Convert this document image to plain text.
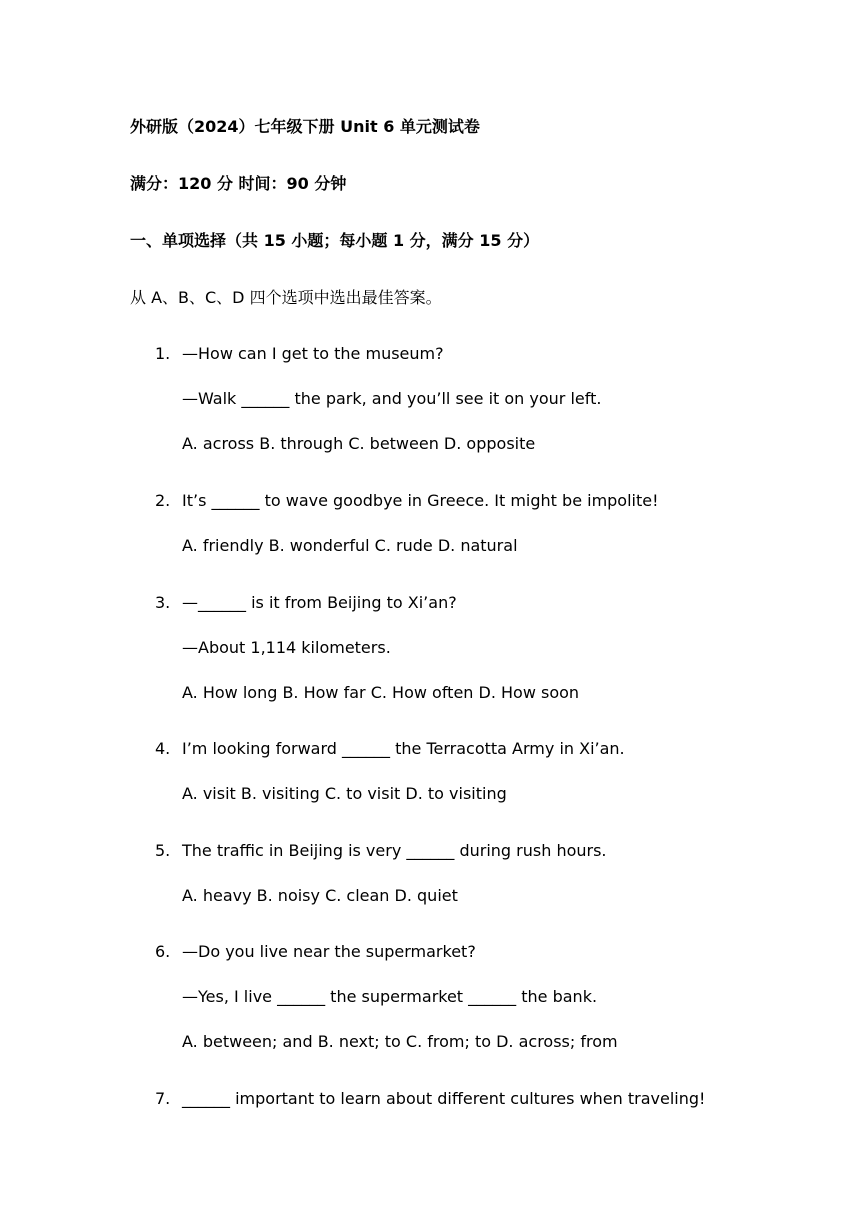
外研版（2024）七年级下册 Unit 6 单元测试卷
满分：120 分 时间：90 分钟
一、单项选择（共 15 小题；每小题 1 分，满分 15 分）
从 A、B、C、D 四个选项中选出最佳答案。
1. —How can I get to the museum?
—Walk ______ the park, and you’ll see it on your left.
A. across B. through C. between D. opposite
2. It’s ______ to wave goodbye in Greece. It might be impolite!
A. friendly B. wonderful C. rude D. natural
3. —______ is it from Beijing to Xi’an?
—About 1,114 kilometers.
A. How long B. How far C. How often D. How soon
4. I’m looking forward ______ the Terracotta Army in Xi’an.
A. visit B. visiting C. to visit D. to visiting
5. The traffic in Beijing is very ______ during rush hours.
A. heavy B. noisy C. clean D. quiet
6. —Do you live near the supermarket?
—Yes, I live ______ the supermarket ______ the bank.
A. between; and B. next; to C. from; to D. across; from
7. ______ important to learn about different cultures when traveling!
